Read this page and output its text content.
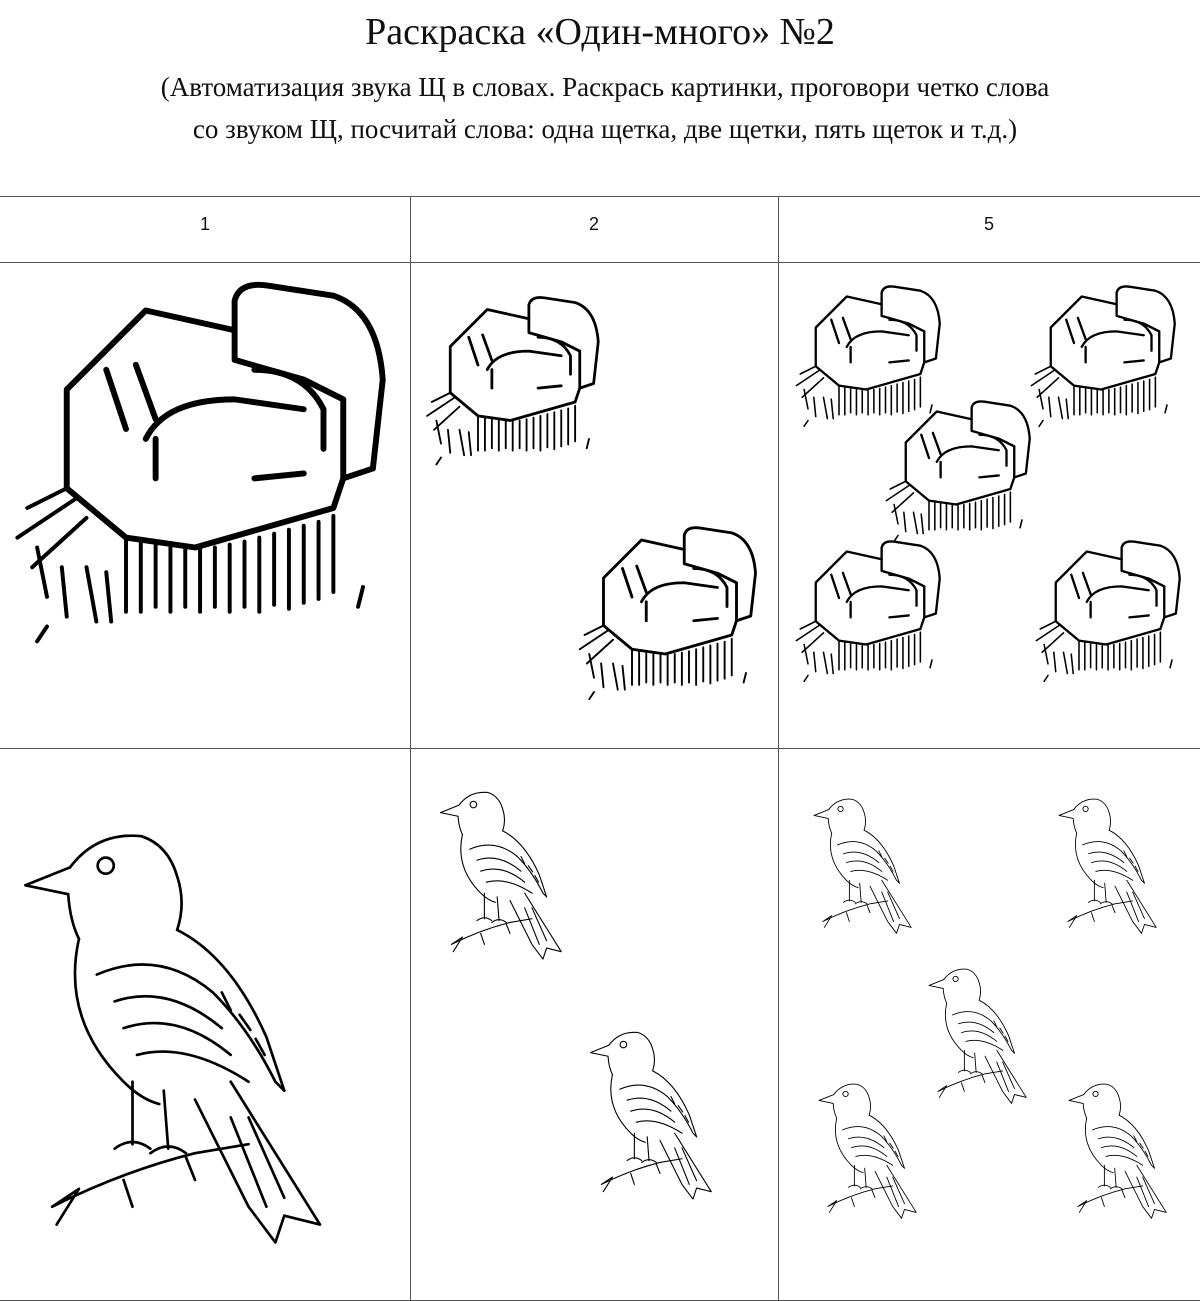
Раскраска «Один-много» №2
(Автоматизация звука Щ в словах. Раскрась картинки, проговори четко слова
со звуком Щ, посчитай слова: одна щетка, две щетки, пять щеток и т.д.)
1	2	5
